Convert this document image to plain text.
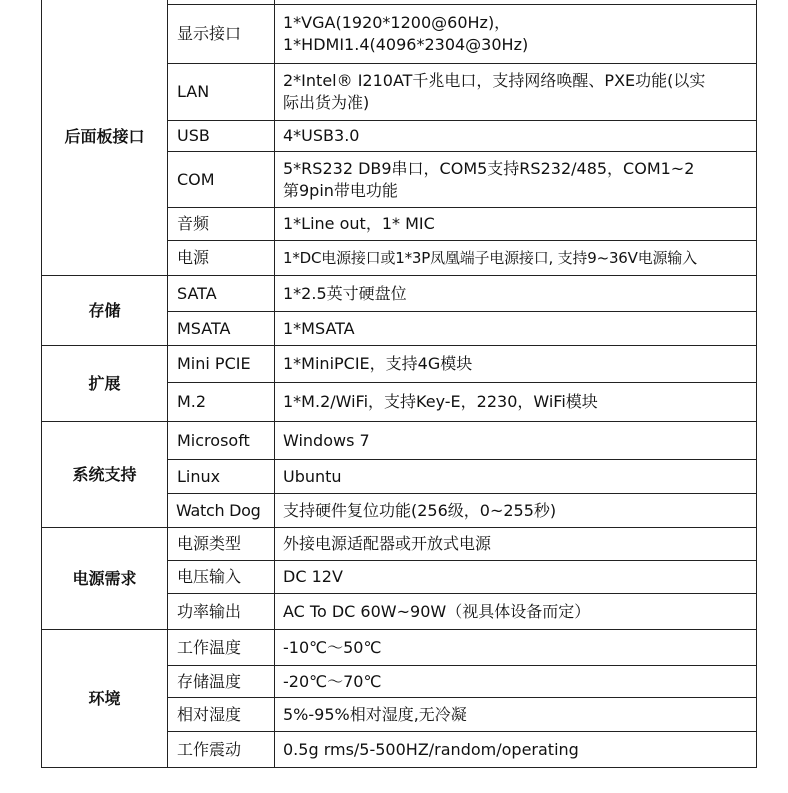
后面板接口		
	显示接口	1*VGA(1920*1200@60Hz)，
1*HDMI1.4(4096*2304@30Hz)

	LAN	2*Intel® I210AT千兆电口，支持网络唤醒、PXE功能(以实
际出货为准)

	USB	4*USB3.0

	COM	5*RS232 DB9串口，COM5支持RS232/485，COM1~2
第9pin带电功能

	音频	1*Line out，1* MIC

	电源	1*DC电源接口或1*3P凤凰端子电源接口, 支持9~36V电源输入

存储	SATA	1*2.5英寸硬盘位

	MSATA	1*MSATA

扩展	Mini PCIE	1*MiniPCIE，支持4G模块

	M.2	1*M.2/WiFi，支持Key-E，2230，WiFi模块

系统支持	Microsoft	Windows 7

	Linux	Ubuntu

	Watch Dog	支持硬件复位功能(256级，0~255秒)

电源需求	电源类型	外接电源适配器或开放式电源

	电压输入	DC 12V

	功率输出	AC To DC 60W~90W（视具体设备而定）

环境	工作温度	-10℃～50℃

	存储温度	-20℃～70℃

	相对湿度	5%-95%相对湿度,无冷凝

	工作震动	0.5g rms/5-500HZ/random/operating
